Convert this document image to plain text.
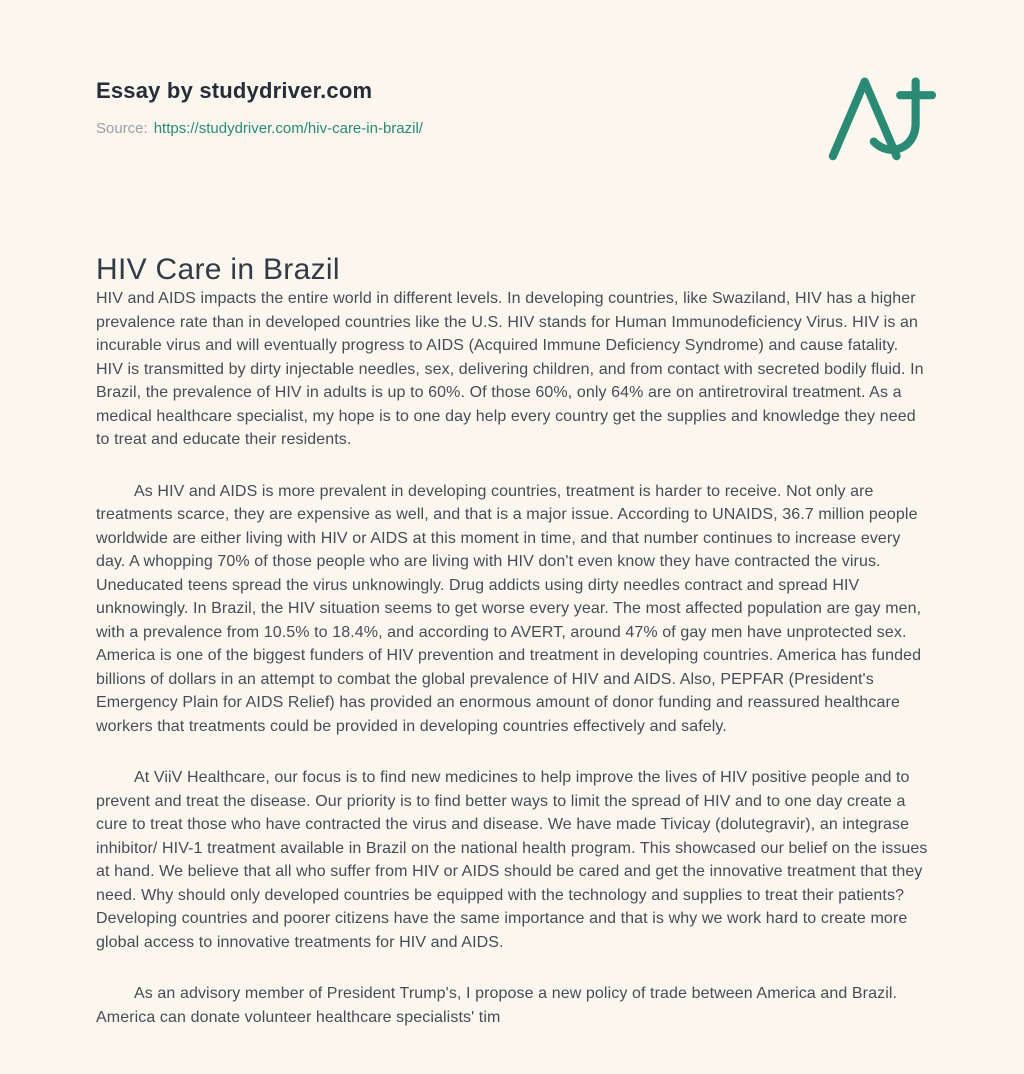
Essay by studydriver.com
Source: https://studydriver.com/hiv-care-in-brazil/
HIV Care in Brazil

HIV and AIDS impacts the entire world in different levels. In developing countries, like Swaziland, HIV has a higher prevalence rate than in developed countries like the U.S. HIV stands for Human Immunodeficiency Virus. HIV is an incurable virus and will eventually progress to AIDS (Acquired Immune Deficiency Syndrome) and cause fatality. HIV is transmitted by dirty injectable needles, sex, delivering children, and from contact with secreted bodily fluid. In Brazil, the prevalence of HIV in adults is up to 60%. Of those 60%, only 64% are on antiretroviral treatment. As a medical healthcare specialist, my hope is to one day help every country get the supplies and knowledge they need to treat and educate their residents.

As HIV and AIDS is more prevalent in developing countries, treatment is harder to receive. Not only are treatments scarce, they are expensive as well, and that is a major issue. According to UNAIDS, 36.7 million people worldwide are either living with HIV or AIDS at this moment in time, and that number continues to increase every day. A whopping 70% of those people who are living with HIV don't even know they have contracted the virus. Uneducated teens spread the virus unknowingly. Drug addicts using dirty needles contract and spread HIV unknowingly. In Brazil, the HIV situation seems to get worse every year. The most affected population are gay men, with a prevalence from 10.5% to 18.4%, and according to AVERT, around 47% of gay men have unprotected sex. America is one of the biggest funders of HIV prevention and treatment in developing countries. America has funded billions of dollars in an attempt to combat the global prevalence of HIV and AIDS. Also, PEPFAR (President's Emergency Plain for AIDS Relief) has provided an enormous amount of donor funding and reassured healthcare workers that treatments could be provided in developing countries effectively and safely.

At ViiV Healthcare, our focus is to find new medicines to help improve the lives of HIV positive people and to prevent and treat the disease. Our priority is to find better ways to limit the spread of HIV and to one day create a cure to treat those who have contracted the virus and disease. We have made Tivicay (dolutegravir), an integrase inhibitor/ HIV-1 treatment available in Brazil on the national health program. This showcased our belief on the issues at hand. We believe that all who suffer from HIV or AIDS should be cared and get the innovative treatment that they need. Why should only developed countries be equipped with the technology and supplies to treat their patients? Developing countries and poorer citizens have the same importance and that is why we work hard to create more global access to innovative treatments for HIV and AIDS.

As an advisory member of President Trump's, I propose a new policy of trade between America and Brazil. America can donate volunteer healthcare specialists' tim
